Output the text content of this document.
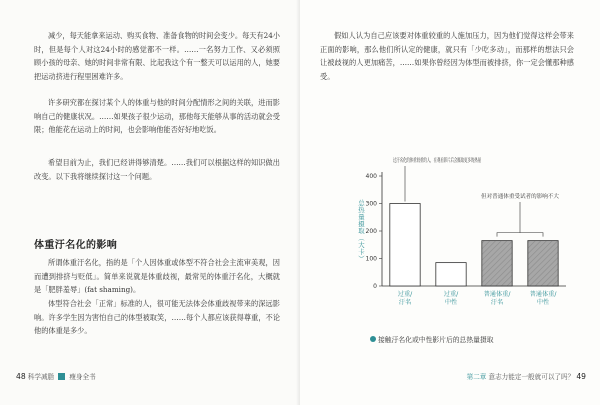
减少，每天能拿来运动、购买食物、准备食物的时间会变少。每天有24小时，但是每个人对这24小时的感觉都不一样。……一名努力工作、又必须照顾小孩的母亲、她的时间非常有限、比起我这个有一整天可以运用的人，她要把运动挤进行程里困难许多。

许多研究都在探讨某个人的体重与他的时间分配情形之间的关联，进而影响自己的健康状况。……如果孩子很少运动，那他每天能够从事的活动就会受限；他能花在运动上的时间，也会影响他能否好好地吃饭。

希望目前为止，我们已经讲得够清楚。……我们可以根据这样的知识做出改变。以下我将继续探讨这一个问题。

体重汙名化的影响

所谓体重汙名化，指的是「个人因体重或体型不符合社会主流审美观，因而遭到排挤与贬低」。简单来说就是体重歧视，最常见的体重汙名化，大概就是「肥胖羞辱」(fat shaming)。

体型符合社会「正常」标准的人，很可能无法体会体重歧视带来的深远影响。许多学生因为害怕自己的体型被取笑，……每个人都应该获得尊重，不论他的体重是多少。

48 科学减脂 瘦身全书

假如人认为自己应该要对体重较重的人施加压力，因为他们觉得这样会带来正面的影响，那么他们所认定的健康，就只有「少吃多动」，而那样的想法只会让被歧视的人更加痛苦，……如果你曾经因为体型而被排挤，你一定会懂那种感受。

第二章 意志力能定一般就可以了吗？ 49
0
100
200
300
400
总热量摄取（大卡）
过重/
汙名
过重/
中性
普通体重/
汙名
普通体重/
中性
过汙名化的体重较重的人，在观看影片后会摄取更多的热量
但对普通体重受试者的影响不大
接触汙名化或中性影片后的总热量摄取
